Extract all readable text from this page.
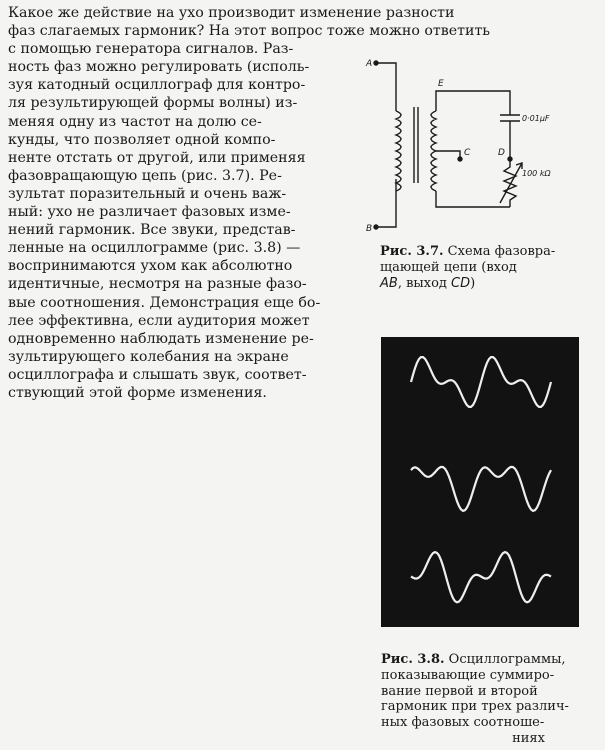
Какое же действие на ухо производит изменение разности
фаз слагаемых гармоник? На этот вопрос тоже можно ответить
с помощью генератора сигналов. Раз-
ность фаз можно регулировать (исполь-
зуя катодный осциллограф для контро-
ля результирующей формы волны) из-
меняя одну из частот на долю се-
кунды, что позволяет одной компо-
ненте отстать от другой, или применяя
фазовращающую цепь (рис. 3.7). Ре-
зультат поразительный и очень важ-
ный: ухо не различает фазовых изме-
нений гармоник. Все звуки, представ-
ленные на осциллограмме (рис. 3.8) —
воспринимаются ухом как абсолютно
идентичные, несмотря на разные фазо-
вые соотношения. Демонстрация еще бо-
лее эффективна, если аудитория может
одновременно наблюдать изменение ре-
зультирующего колебания на экране
осциллографа и слышать звук, соответ-
ствующий этой форме изменения.
A
B
E
C	D
0·01μF
100 kΩ
Рис. 3.7. Схема фазовра-
щающей цепи (вход
AB, выход CD)
Рис. 3.8. Осциллограммы,
показывающие суммиро-
вание первой и второй
гармоник при трех различ-
ных фазовых соотноше-
ниях
